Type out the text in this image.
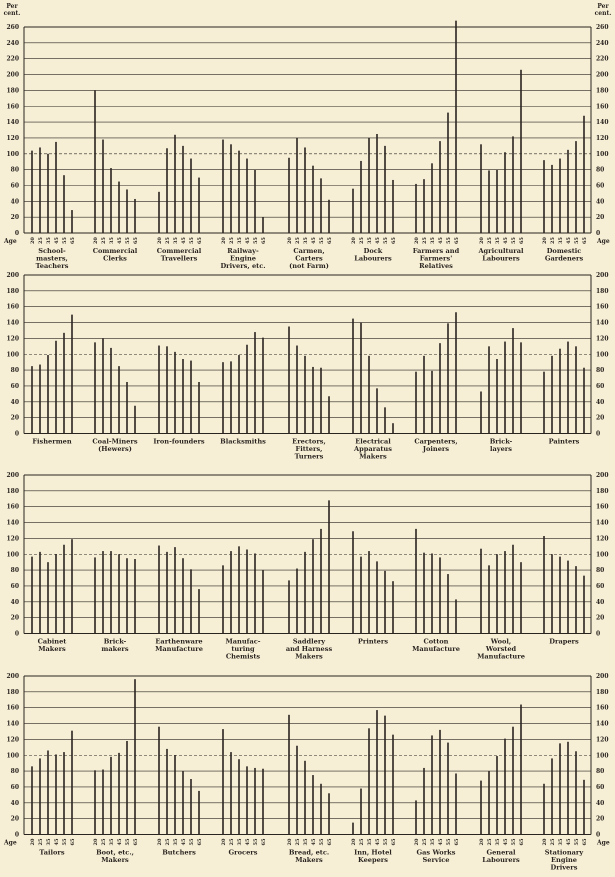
0	0
20	20
40	40
60	60
80	80
100	100
120	120
140	140
160	160
180	180
200	200
220	220
240	240
260	260
Per	Per
cent.	cent.
Age	Age
20 25 35 45 55 65
School-
masters,
Teachers
20 25 35 45 55 65
Commercial
Clerks
20 25 35 45 55 65
Commercial
Travellers
20 25 35 45 55 65
Railway-
Engine
Drivers, etc.
20 25 35 45 55 65
Carmen,
Carters
(not Farm)
20 25 35 45 55 65
Dock
Labourers
20 25 35 45 55 65
Farmers and
Farmers'
Relatives
20 25 35 45 55 65
Agricultural
Labourers
20 25 35 45 55 65
Domestic
Gardeners
0	0
20	20
40	40
60	60
80	80
100	100
120	120
140	140
160	160
180	180
200	200
Fishermen	Coal-Miners
(Hewers)
Iron-founders Blacksmiths	Erectors,
Fitters,
Turners
Electrical
Apparatus
Makers
Carpenters,
Joiners
Brick-
layers
Painters
0	0
20	20
40	40
60	60
80	80
100	100
120	120
140	140
160	160
180	180
200	200
Cabinet
Makers
Brick-
makers
Earthenware
Manufacture
Manufac-
turing
Chemists
Saddlery
and Harness
Makers
Printers	Cotton
Manufacture
Wool,
Worsted
Manufacture
Drapers
0	0
20	20
40	40
60	60
80	80
100	100
120	120
140	140
160	160
180	180
200	200
Age	Age
20 25 35 45 55 65
Tailors
20 25 35 45 55 65
Boot, etc.,
Makers
20 25 35 45 55 65
Butchers
20 25 35 45 55 65
Grocers
20 25 35 45 55 65
Bread, etc.
Makers
20 25 35 45 55 65
Inn, Hotel
Keepers
20 25 35 45 55 65
Gas Works
Service
20 25 35 45 55 65
General
Labourers
20 25 35 45 55 65
Stationary
Engine
Drivers
